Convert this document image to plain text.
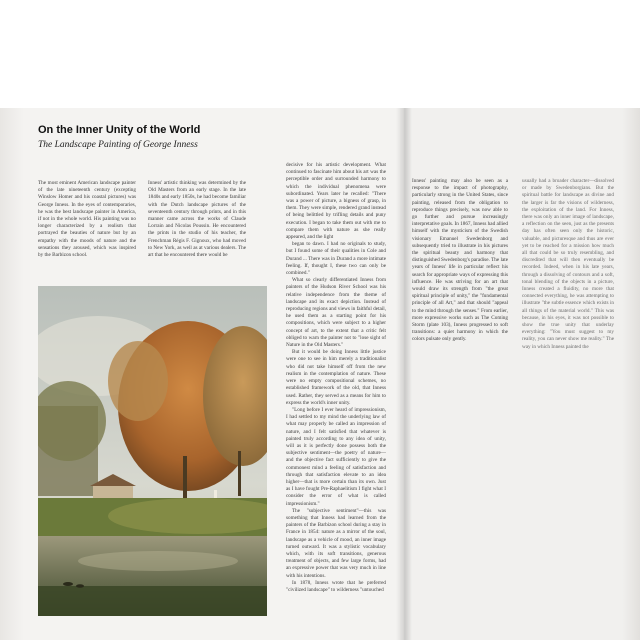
On the Inner Unity of the World
The Landscape Painting of George Inness

The most eminent American landscape painter of the late nineteenth century (excepting Winslow Homer and his coastal pictures) was George Inness. In the eyes of contemporaries, he was the best landscape painter in America, if not in the whole world. His painting was no longer characterized by a realism that portrayed the beauties of nature but by an empathy with the moods of nature and the sensations they aroused, which was inspired by the Barbizon school.

Inness' artistic thinking was determined by the Old Masters from an early stage. In the late 1840s and early 1850s, he had become familiar with the Dutch landscape pictures of the seventeenth century through prints, and in this manner came across the works of Claude Lorrain and Nicolas Poussin. He encountered the prints in the studio of his teacher, the Frenchman Régis F. Gignoux, who had moved to New York, as well as at various dealers. The art that he encountered there would be

decisive for his artistic development. What continued to fascinate him about his art was the perceptible order and surrounded harmony to which the individual phenomena were subordinated. Years later he recalled: "There was a power of picture, a bigness of grasp, in them. They were simple, rendered grand instead of being belittled by trifling details and puny execution. I began to take them out with me to compare them with nature as she really appeared, and the light

began to dawn. I had no originals to study, but I found some of their qualities in Cole and Durand ... There was in Durand a more intimate feeling. If, thought I, these two can only be combined."

What so clearly differentiated Inness from painters of the Hudson River School was his relative independence from the theme of landscape and its exact depiction. Instead of reproducing regions and views in faithful detail, he used them as a starting point for his compositions, which were subject to a higher concept of art, to the extent that a critic felt obliged to warn the painter not to "lose sight of Nature in the Old Masters."

But it would be doing Inness little justice were one to see in him merely a traditionalist who did not take himself off from the new realism in the contemplation of nature. These were no empty compositional schemes, no established framework of the old, that Inness used. Rather, they served as a means for him to express the world's inner unity.

"Long before I ever heard of impressionism, I had settled to my mind the underlying law of what may properly be called an impression of nature, and I felt satisfied that whatever is painted truly according to any idea of unity, will as it is perfectly done possess both the subjective sentiment—the poetry of nature—and the objective fact sufficiently to give the commonest mind a feeling of satisfaction and through that satisfaction elevate to an idea higher—that is more certain than its own. Just as I have fought Pre-Raphaelitism I fight what I consider the error of what is called impressionism."

The "subjective sentiment"—this was something that Inness had learned from the painters of the Barbizon school during a stay in France in 1854: nature as a mirror of the soul, landscape as a vehicle of mood, an inner image turned outward. It was a stylistic vocabulary which, with its soft transitions, generous treatment of objects, and few large forms, had an expressive power that was very much in line with his intentions.

In 1878, Inness wrote that he preferred "civilized landscape" to wilderness "untouched

Inness' painting may also be seen as a response to the impact of photography, particularly strong in the United States, since painting, released from the obligation to reproduce things precisely, was now able to go further and pursue increasingly interpretative goals. In 1867, Inness had allied himself with the mysticism of the Swedish visionary Emanuel Swedenborg and subsequently tried to illustrate in his pictures the spiritual beauty and harmony that distinguished Swedenborg's paradise. The late years of Inness' life in particular reflect his search for appropriate ways of expressing this influence. He was striving for an art that would draw its strength from "the great spiritual principle of unity," the "fundamental principle of all Art," and that should "appeal to the mind through the senses." From earlier, more expressive works such as The Coming Storm (plate 103), Inness progressed to soft transitions: a quiet harmony in which the colors pulsate only gently.

usually had a broader character—dissolved or made by Swedenborgians. But the spiritual battle for landscape as divine and the larger is far the visions of wilderness, the exploitation of the land. For Inness, there was only an inner image of landscape, a reflection on the seen, just as the presents day has often seen only the historic, valuable, and picturesque and thus are ever yet to be reached for a mission how much all that could be so truly resembling, and discredited that will then eventually be recorded. Indeed, when in his late years, through a dissolving of contours and a soft, tonal blending of the objects in a picture, Inness created a fluidity, no more that connected everything, he was attempting to illustrate "the subtle essence which exists in all things of the material world." This was because, in his eyes, it was not possible to show the true unity that underlay everything: "You must suggest to my reality, you can never show me reality." The way in which Inness painted the
